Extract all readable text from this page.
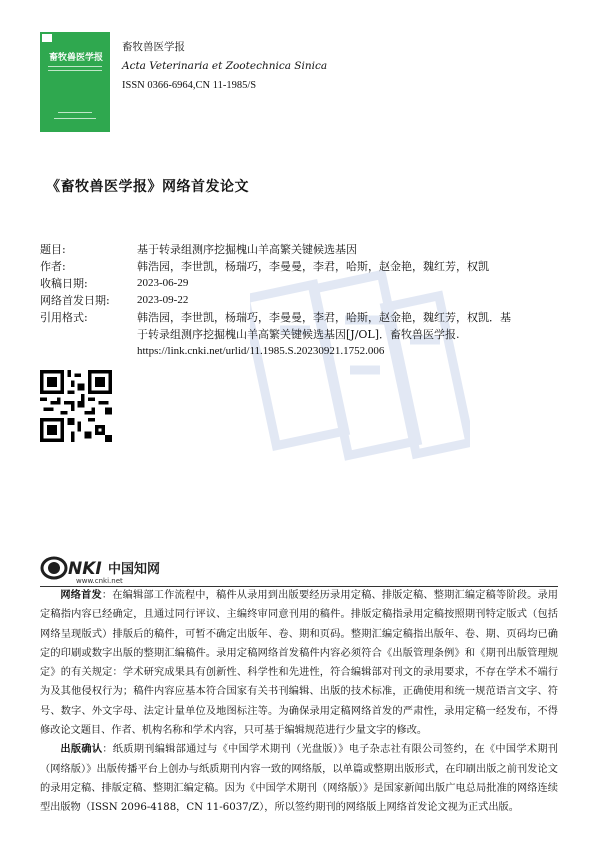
畜牧兽医学报
畜牧兽医学报
Acta Veterinaria et Zootechnica Sinica
ISSN 0366-6964,CN 11-1985/S
《畜牧兽医学报》网络首发论文
题目:	基于转录组测序挖掘槐山羊高繁关键候选基因
作者:	韩浩园，李世凯，杨瑞巧，李曼曼，李君，哈斯，赵金艳，魏红芳，权凯
收稿日期:	2023-06-29
网络首发日期:	2023-09-22
引用格式:	韩浩园，李世凯，杨瑞巧，李曼曼，李君，哈斯，赵金艳，魏红芳，权凯．基
于转录组测序挖掘槐山羊高繁关键候选基因[J/OL]．畜牧兽医学报.
https://link.cnki.net/urlid/11.1985.S.20230921.1752.006
NKI 中国知网
www.cnki.net

网络首发：在编辑部工作流程中，稿件从录用到出版要经历录用定稿、排版定稿、整期汇编定稿等阶段。录用定稿指内容已经确定，且通过同行评议、主编终审同意刊用的稿件。排版定稿指录用定稿按照期刊特定版式（包括网络呈现版式）排版后的稿件，可暂不确定出版年、卷、期和页码。整期汇编定稿指出版年、卷、期、页码均已确定的印刷或数字出版的整期汇编稿件。录用定稿网络首发稿件内容必须符合《出版管理条例》和《期刊出版管理规定》的有关规定：学术研究成果具有创新性、科学性和先进性，符合编辑部对刊文的录用要求，不存在学术不端行为及其他侵权行为；稿件内容应基本符合国家有关书刊编辑、出版的技术标准，正确使用和统一规范语言文字、符号、数字、外文字母、法定计量单位及地图标注等。为确保录用定稿网络首发的严肃性，录用定稿一经发布，不得修改论文题目、作者、机构名称和学术内容，只可基于编辑规范进行少量文字的修改。

出版确认：纸质期刊编辑部通过与《中国学术期刊（光盘版）》电子杂志社有限公司签约，在《中国学术期刊（网络版）》出版传播平台上创办与纸质期刊内容一致的网络版，以单篇或整期出版形式，在印刷出版之前刊发论文的录用定稿、排版定稿、整期汇编定稿。因为《中国学术期刊（网络版）》是国家新闻出版广电总局批准的网络连续型出版物（ISSN 2096-4188，CN 11-6037/Z），所以签约期刊的网络版上网络首发论文视为正式出版。
